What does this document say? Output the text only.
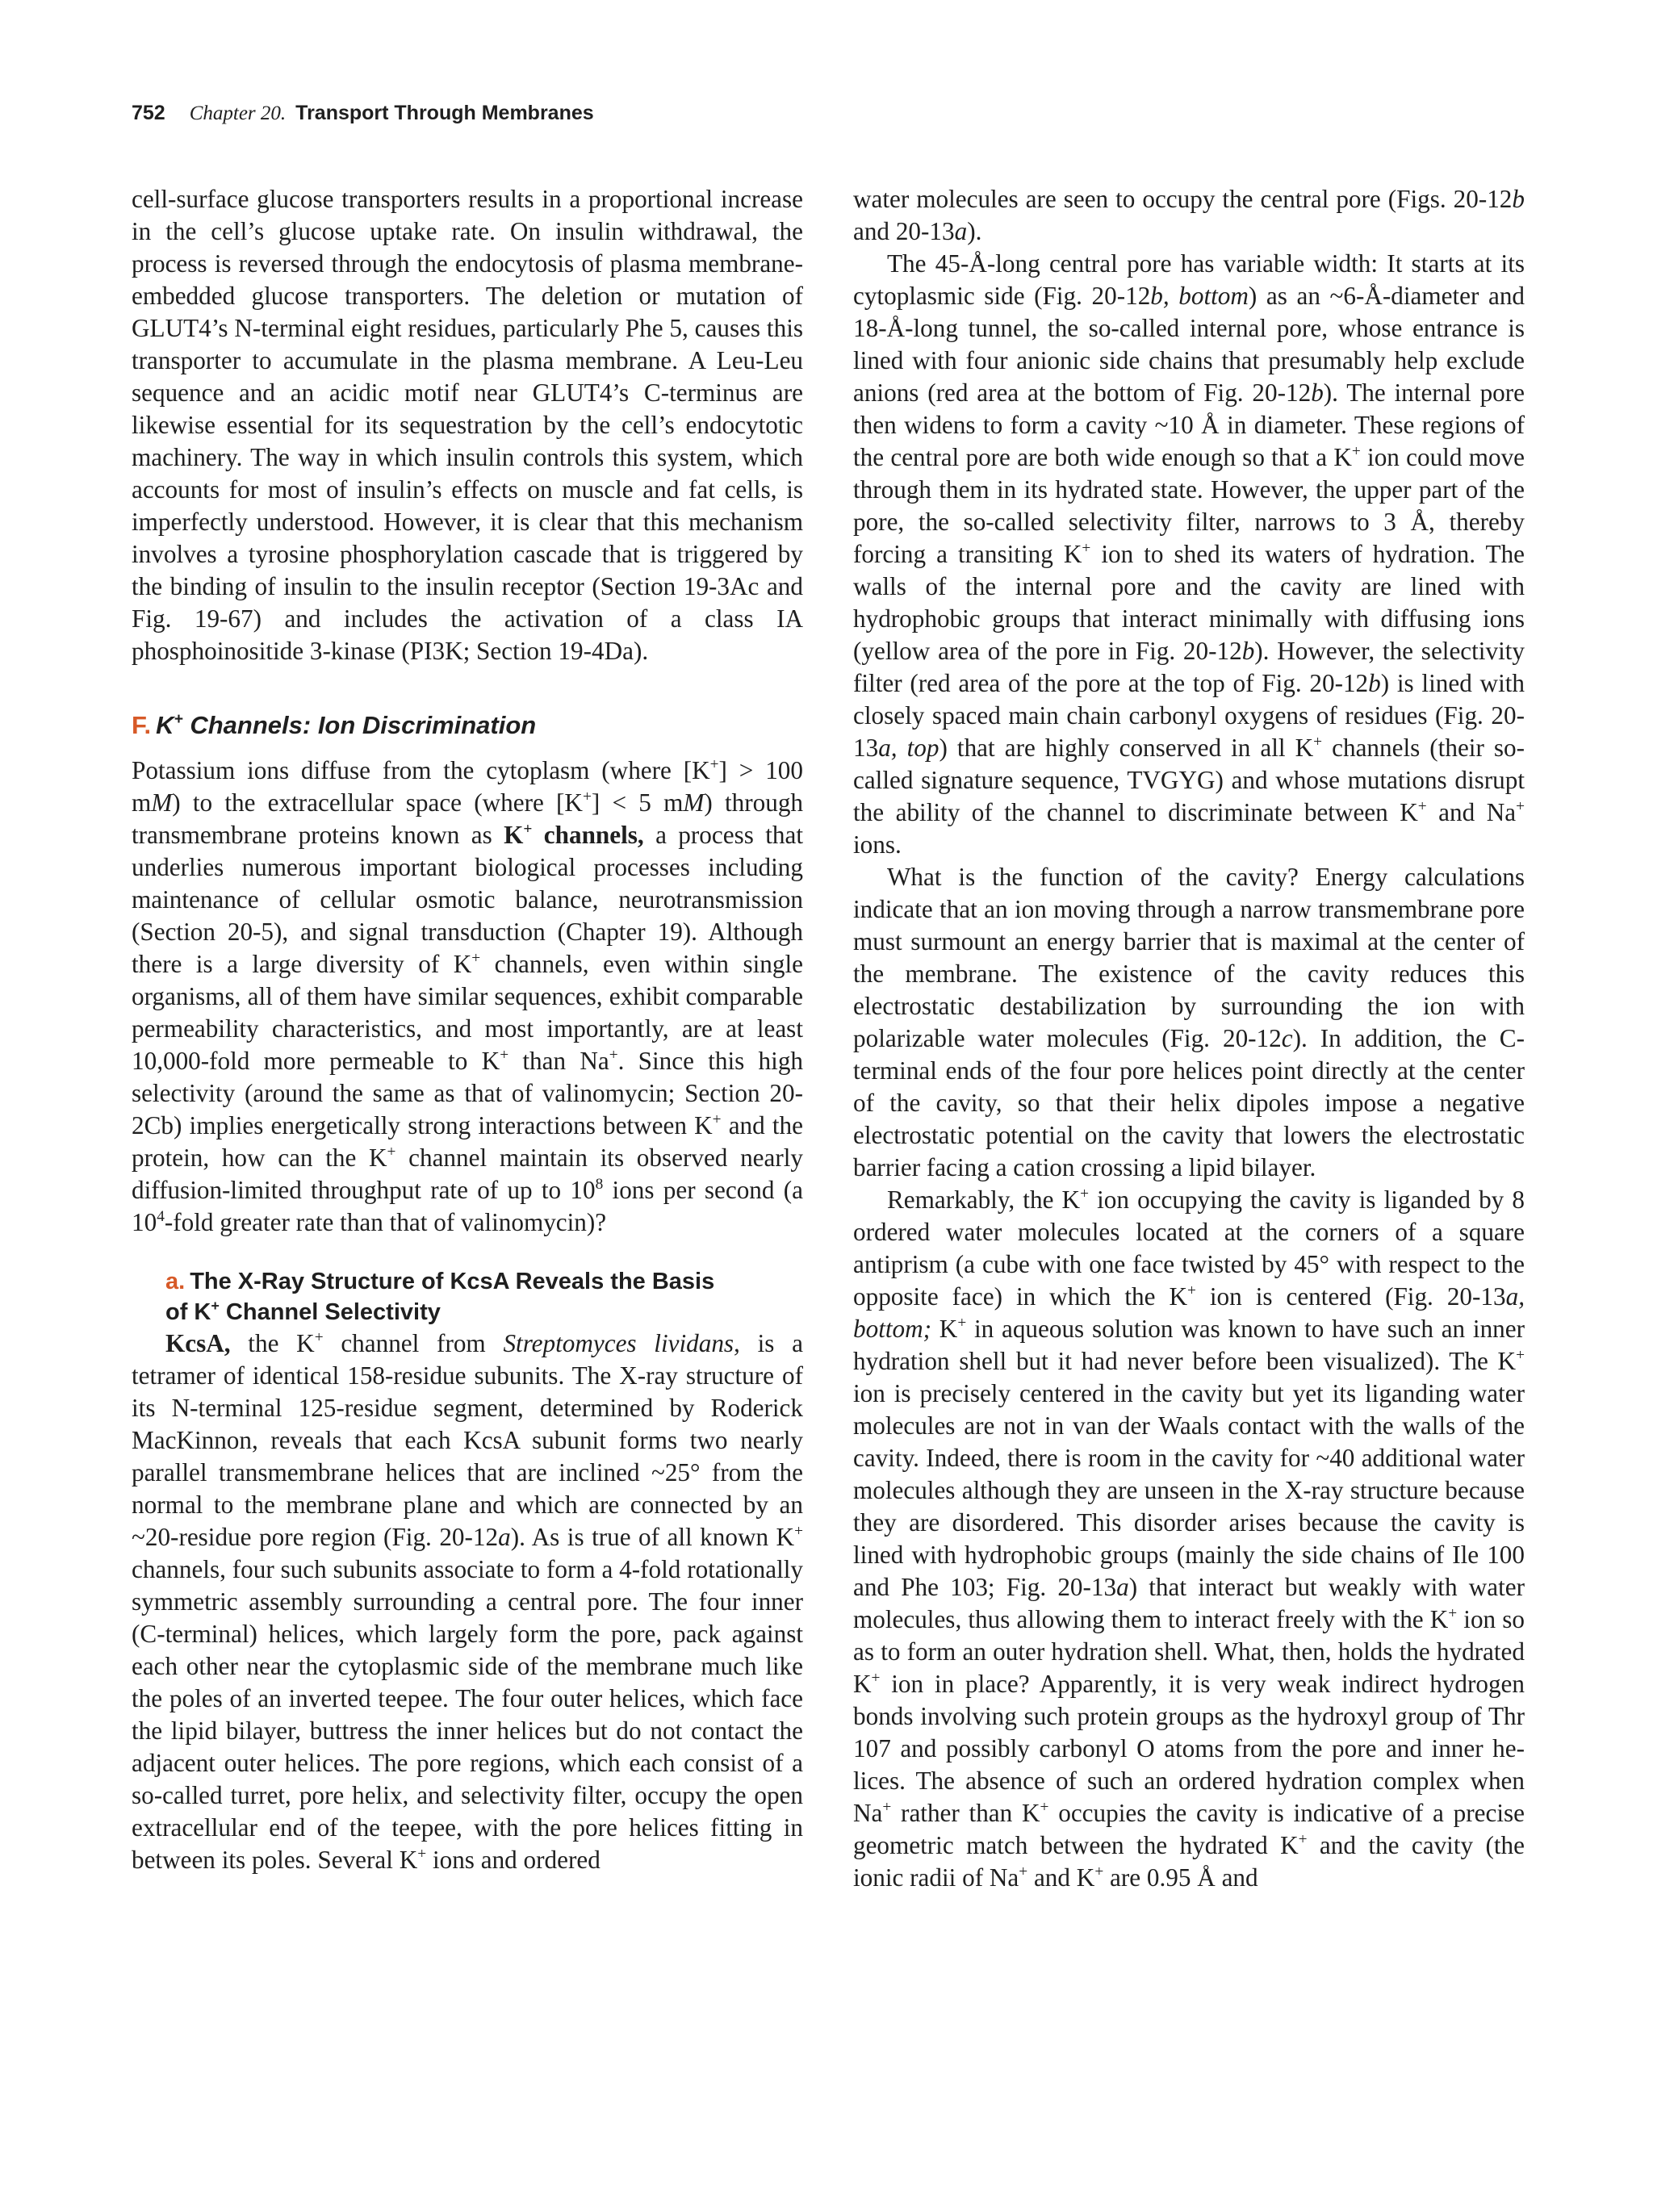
752 Chapter 20. Transport Through Membranes

cell-surface glucose transporters results in a proportional increase in the cell’s glucose uptake rate. On insulin withdrawal, the process is reversed through the endocytosis of plasma membrane-embedded glucose transporters. The deletion or mutation of GLUT4’s N-terminal eight residues, particularly Phe 5, causes this transporter to accumulate in the plasma membrane. A Leu-Leu sequence and an acidic motif near GLUT4’s C-terminus are likewise essential for its sequestration by the cell’s endocytotic machinery. The way in which insulin controls this system, which accounts for most of insulin’s effects on muscle and fat cells, is imperfectly understood. However, it is clear that this mechanism involves a tyrosine phosphorylation cascade that is triggered by the binding of insulin to the insulin receptor (Section 19-3Ac and Fig. 19-67) and includes the activation of a class IA phosphoinositide 3-kinase (PI3K; Section 19-4Da).

F. K+ Channels: Ion Discrimination

Potassium ions diffuse from the cytoplasm (where [K+] > 100 mM) to the extracellular space (where [K+] < 5 mM) through transmembrane proteins known as K+ channels, a process that underlies numerous important biological processes including maintenance of cellular osmotic balance, neurotransmission (Section 20-5), and signal transduction (Chapter 19). Although there is a large diversity of K+ channels, even within single organisms, all of them have similar sequences, exhibit comparable permeability characteristics, and most importantly, are at least 10,000-fold more permeable to K+ than Na+. Since this high selectivity (around the same as that of valinomycin; Section 20-2Cb) implies energetically strong interactions between K+ and the protein, how can the K+ channel maintain its observed nearly diffusion-limited throughput rate of up to $10^8$ ions per second (a $10^4$-fold greater rate than that of valinomycin)?

a. The X-Ray Structure of KcsA Reveals the Basis
of K+ Channel Selectivity

KcsA, the K+ channel from Streptomyces lividans, is a tetramer of identical 158-residue subunits. The X-ray structure of its N-terminal 125-residue segment, determined by Roderick MacKinnon, reveals that each KcsA subunit forms two nearly parallel transmembrane helices that are inclined ~25° from the normal to the membrane plane and which are connected by an ~20-residue pore region (Fig. 20-12a). As is true of all known K+ channels, four such subunits associate to form a 4-fold rotationally symmetric assembly surrounding a central pore. The four inner (C-terminal) helices, which largely form the pore, pack against each other near the cytoplasmic side of the membrane much like the poles of an inverted teepee. The four outer helices, which face the lipid bilayer, buttress the inner helices but do not contact the adjacent outer helices. The pore regions, which each consist of a so-called turret, pore helix, and selectivity filter, occupy the open extracellular end of the teepee, with the pore helices fitting in between its poles. Several K+ ions and ordered

water molecules are seen to occupy the central pore (Figs. 20-12b and 20-13a).

The 45-Å-long central pore has variable width: It starts at its cytoplasmic side (Fig. 20-12b, bottom) as an ~6-Å-diameter and 18-Å-long tunnel, the so-called internal pore, whose entrance is lined with four anionic side chains that presumably help exclude anions (red area at the bottom of Fig. 20-12b). The internal pore then widens to form a cavity ~10 Å in diameter. These regions of the central pore are both wide enough so that a K+ ion could move through them in its hydrated state. However, the upper part of the pore, the so-called selectivity filter, narrows to 3 Å, thereby forcing a transiting K+ ion to shed its waters of hydration. The walls of the internal pore and the cavity are lined with hydrophobic groups that interact minimally with diffusing ions (yellow area of the pore in Fig. 20-12b). However, the selectivity filter (red area of the pore at the top of Fig. 20-12b) is lined with closely spaced main chain carbonyl oxygens of residues (Fig. 20-13a, top) that are highly conserved in all K+ channels (their so-called signature sequence, TVGYG) and whose mutations disrupt the ability of the channel to discriminate between K+ and Na+ ions.

What is the function of the cavity? Energy calculations indicate that an ion moving through a narrow transmembrane pore must surmount an energy barrier that is maximal at the center of the membrane. The existence of the cavity reduces this electrostatic destabilization by surrounding the ion with polarizable water molecules (Fig. 20-12c). In addition, the C-terminal ends of the four pore helices point directly at the center of the cavity, so that their helix dipoles impose a negative electrostatic potential on the cavity that lowers the electrostatic barrier facing a cation crossing a lipid bilayer.

Remarkably, the K+ ion occupying the cavity is liganded by 8 ordered water molecules located at the corners of a square antiprism (a cube with one face twisted by 45° with respect to the opposite face) in which the K+ ion is centered (Fig. 20-13a, bottom; K+ in aqueous solution was known to have such an inner hydration shell but it had never before been visualized). The K+ ion is precisely centered in the cavity but yet its liganding water molecules are not in van der Waals contact with the walls of the cavity. Indeed, there is room in the cavity for ~40 additional water molecules although they are unseen in the X-ray structure because they are disordered. This disorder arises because the cavity is lined with hydrophobic groups (mainly the side chains of Ile 100 and Phe 103; Fig. 20-13a) that interact but weakly with water molecules, thus allowing them to interact freely with the K+ ion so as to form an outer hydration shell. What, then, holds the hydrated K+ ion in place? Apparently, it is very weak indirect hydrogen bonds involving such protein groups as the hydroxyl group of Thr 107 and possibly carbonyl O atoms from the pore and inner helices. The absence of such an ordered hydration complex when Na+ rather than K+ occupies the cavity is indicative of a precise geometric match between the hydrated K+ and the cavity (the ionic radii of Na+ and K+ are 0.95 Å and
